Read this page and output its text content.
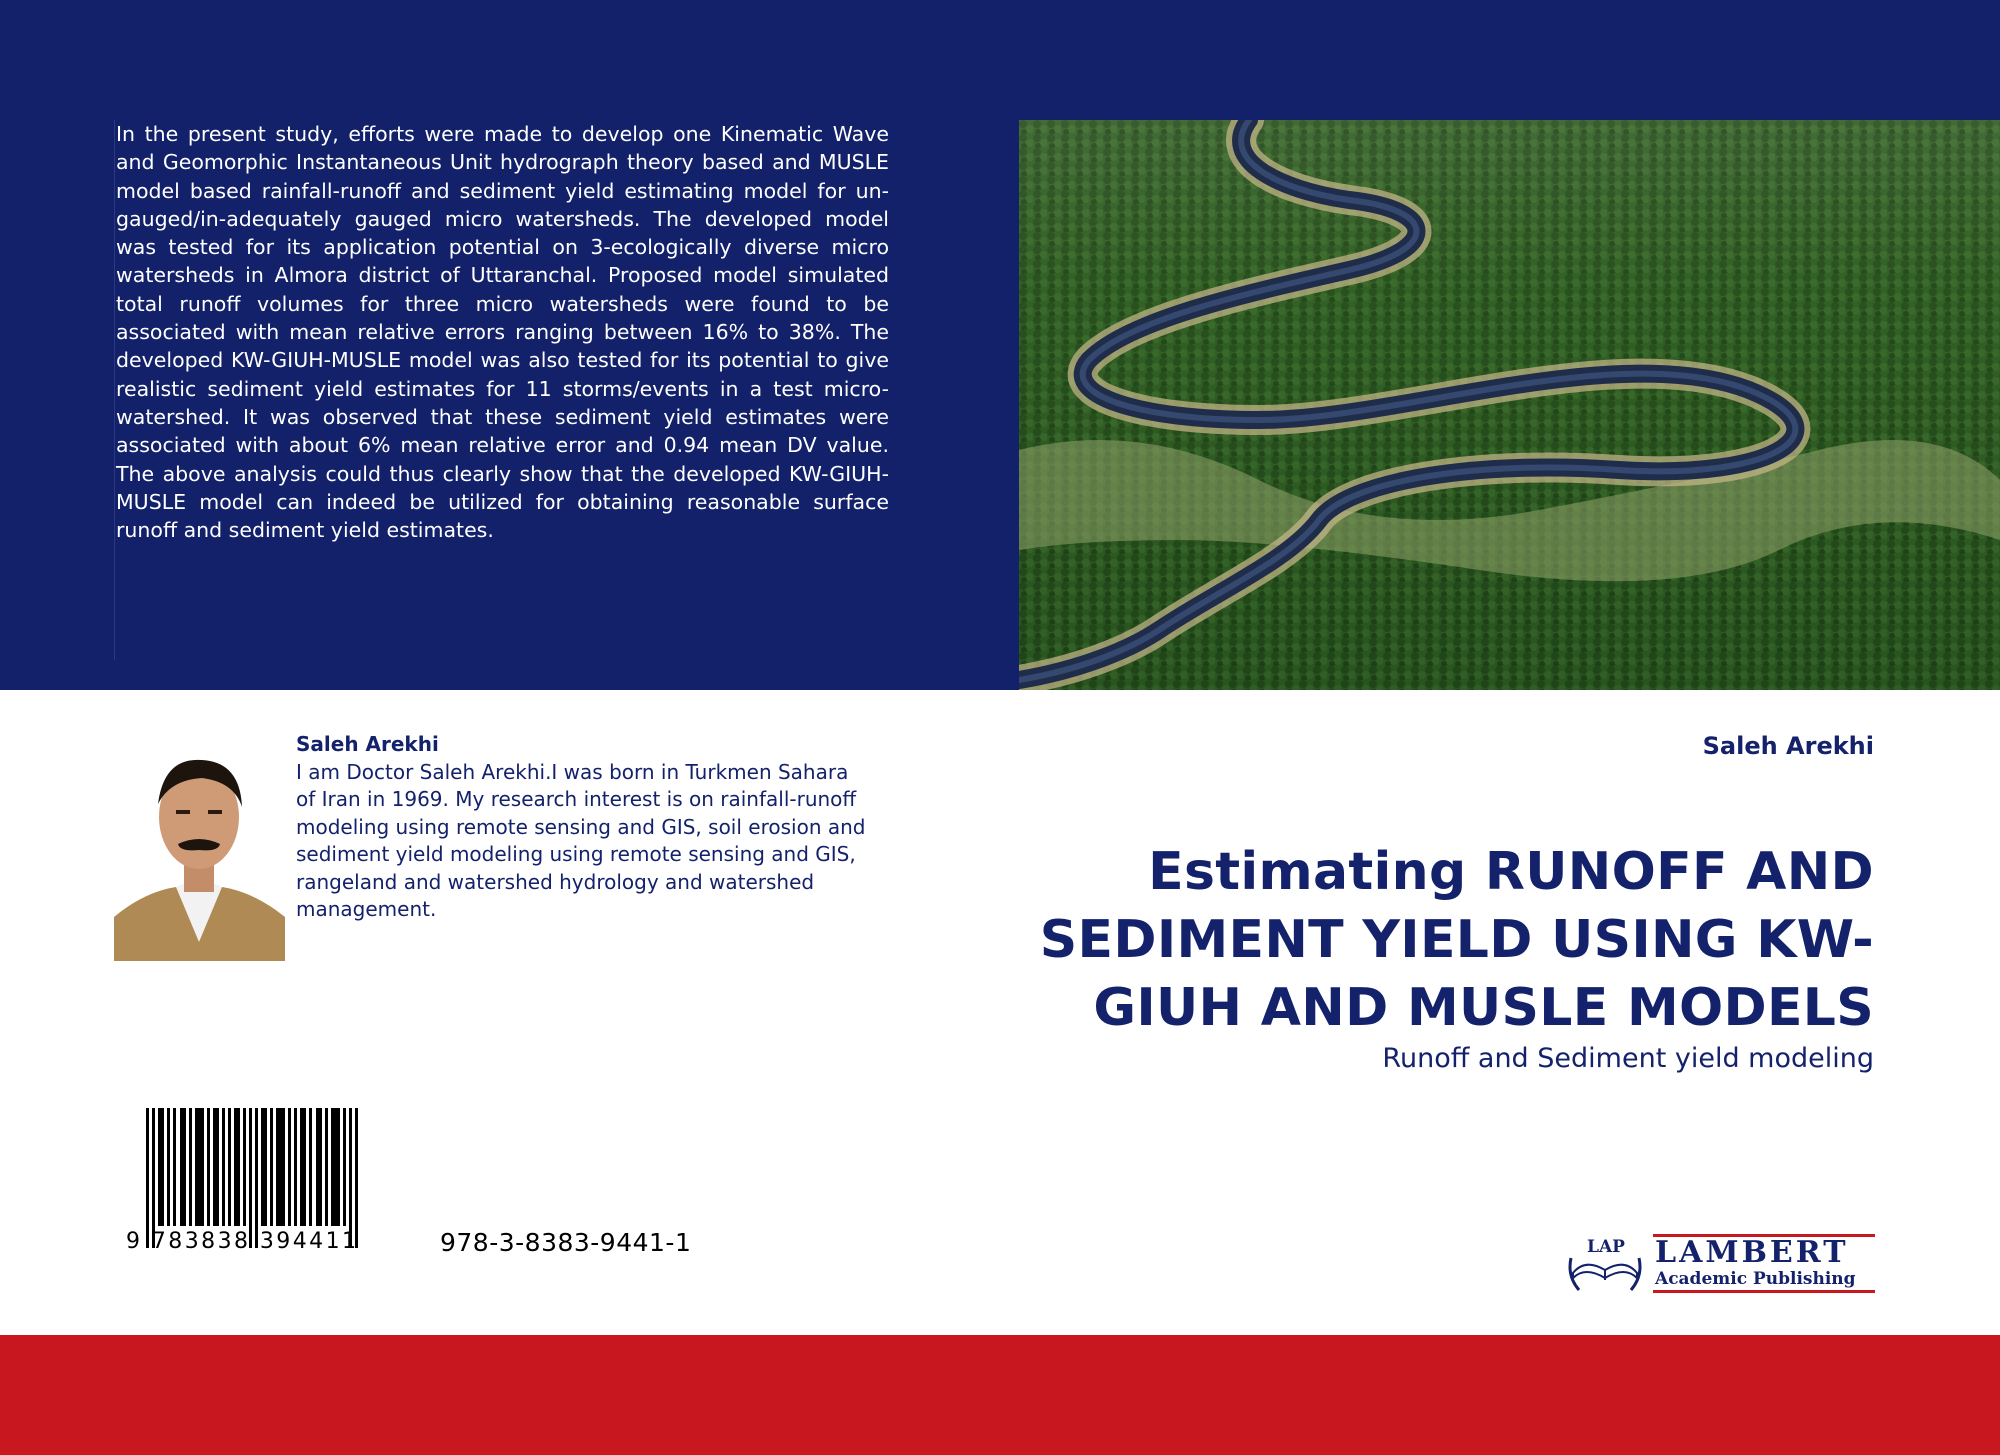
In the present study, efforts were made to develop one Kinematic Wave and Geomorphic Instantaneous Unit hydrograph theory based and MUSLE model based rainfall-runoff and sediment yield estimating model for un-gauged/in-adequately gauged micro watersheds. The developed model was tested for its application potential on 3-ecologically diverse micro watersheds in Almora district of Uttaranchal. Proposed model simulated total runoff volumes for three micro watersheds were found to be associated with mean relative errors ranging between 16% to 38%. The developed KW-GIUH-MUSLE model was also tested for its potential to give realistic sediment yield estimates for 11 storms/events in a test micro- watershed. It was observed that these sediment yield estimates were associated with about 6% mean relative error and 0.94 mean DV value. The above analysis could thus clearly show that the developed KW-GIUH-MUSLE model can indeed be utilized for obtaining reasonable surface runoff and sediment yield estimates.
Saleh Arekhi
I am Doctor Saleh Arekhi.I was born in Turkmen Sahara of Iran in 1969. My research interest is on rainfall-runoff modeling using remote sensing and GIS, soil erosion and sediment yield modeling using remote sensing and GIS, rangeland and watershed hydrology and watershed management.
Saleh Arekhi
Estimating RUNOFF AND SEDIMENT YIELD USING KW-GIUH AND MUSLE MODELS
Runoff and Sediment yield modeling
9 783838 394411	978-3-8383-9441-1	LAP LAMBERT
Academic Publishing
